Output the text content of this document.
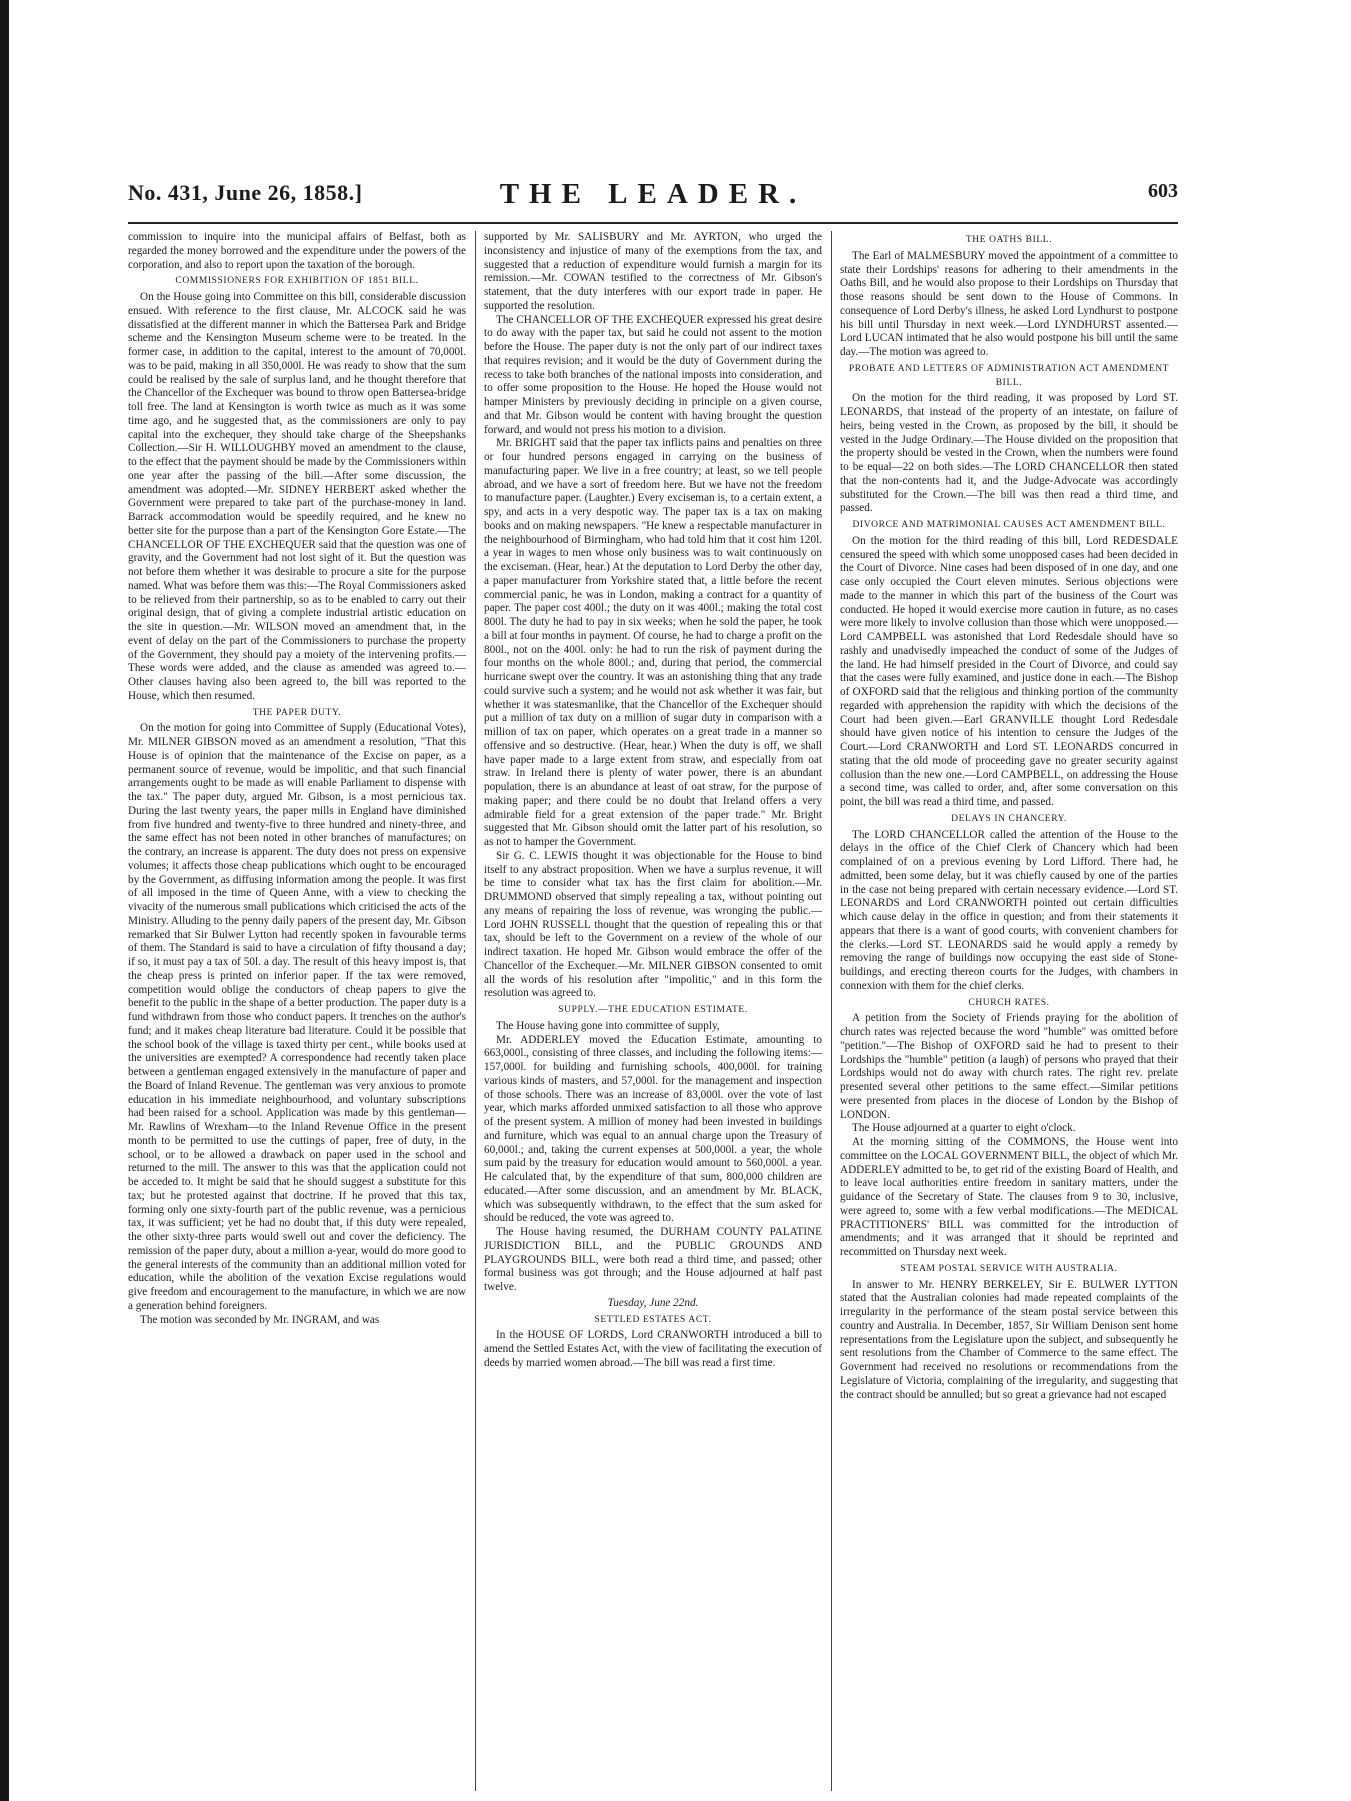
No. 431, June 26, 1858.]	THE LEADER.	603

commission to inquire into the municipal affairs of Belfast, both as regarded the money borrowed and the expenditure under the powers of the corporation, and also to report upon the taxation of the borough.

COMMISSIONERS FOR EXHIBITION OF 1851 BILL.

On the House going into Committee on this bill, considerable discussion ensued. With reference to the first clause, Mr. ALCOCK said he was dissatisfied at the different manner in which the Battersea Park and Bridge scheme and the Kensington Museum scheme were to be treated. In the former case, in addition to the capital, interest to the amount of 70,000l. was to be paid, making in all 350,000l. He was ready to show that the sum could be realised by the sale of surplus land, and he thought therefore that the Chancellor of the Exchequer was bound to throw open Battersea-bridge toll free. The land at Kensington is worth twice as much as it was some time ago, and he suggested that, as the commissioners are only to pay capital into the exchequer, they should take charge of the Sheepshanks Collection.—Sir H. WILLOUGHBY moved an amendment to the clause, to the effect that the payment should be made by the Commissioners within one year after the passing of the bill.—After some discussion, the amendment was adopted.—Mr. SIDNEY HERBERT asked whether the Government were prepared to take part of the purchase-money in land. Barrack accommodation would be speedily required, and he knew no better site for the purpose than a part of the Kensington Gore Estate.—The CHANCELLOR OF THE EXCHEQUER said that the question was one of gravity, and the Government had not lost sight of it. But the question was not before them whether it was desirable to procure a site for the purpose named. What was before them was this:—The Royal Commissioners asked to be relieved from their partnership, so as to be enabled to carry out their original design, that of giving a complete industrial artistic education on the site in question.—Mr. WILSON moved an amendment that, in the event of delay on the part of the Commissioners to purchase the property of the Government, they should pay a moiety of the intervening profits.—These words were added, and the clause as amended was agreed to.—Other clauses having also been agreed to, the bill was reported to the House, which then resumed.

THE PAPER DUTY.

On the motion for going into Committee of Supply (Educational Votes), Mr. MILNER GIBSON moved as an amendment a resolution, "That this House is of opinion that the maintenance of the Excise on paper, as a permanent source of revenue, would be impolitic, and that such financial arrangements ought to be made as will enable Parliament to dispense with the tax." The paper duty, argued Mr. Gibson, is a most pernicious tax. During the last twenty years, the paper mills in England have diminished from five hundred and twenty-five to three hundred and ninety-three, and the same effect has not been noted in other branches of manufactures; on the contrary, an increase is apparent. The duty does not press on expensive volumes; it affects those cheap publications which ought to be encouraged by the Government, as diffusing information among the people. It was first of all imposed in the time of Queen Anne, with a view to checking the vivacity of the numerous small publications which criticised the acts of the Ministry. Alluding to the penny daily papers of the present day, Mr. Gibson remarked that Sir Bulwer Lytton had recently spoken in favourable terms of them. The Standard is said to have a circulation of fifty thousand a day; if so, it must pay a tax of 50l. a day. The result of this heavy impost is, that the cheap press is printed on inferior paper. If the tax were removed, competition would oblige the conductors of cheap papers to give the benefit to the public in the shape of a better production. The paper duty is a fund withdrawn from those who conduct papers. It trenches on the author's fund; and it makes cheap literature bad literature. Could it be possible that the school book of the village is taxed thirty per cent., while books used at the universities are exempted? A correspondence had recently taken place between a gentleman engaged extensively in the manufacture of paper and the Board of Inland Revenue. The gentleman was very anxious to promote education in his immediate neighbourhood, and voluntary subscriptions had been raised for a school. Application was made by this gentleman—Mr. Rawlins of Wrexham—to the Inland Revenue Office in the present month to be permitted to use the cuttings of paper, free of duty, in the school, or to be allowed a drawback on paper used in the school and returned to the mill. The answer to this was that the application could not be acceded to. It might be said that he should suggest a substitute for this tax; but he protested against that doctrine. If he proved that this tax, forming only one sixty-fourth part of the public revenue, was a pernicious tax, it was sufficient; yet he had no doubt that, if this duty were repealed, the other sixty-three parts would swell out and cover the deficiency. The remission of the paper duty, about a million a-year, would do more good to the general interests of the community than an additional million voted for education, while the abolition of the vexation Excise regulations would give freedom and encouragement to the manufacture, in which we are now a generation behind foreigners.

The motion was seconded by Mr. INGRAM, and was

supported by Mr. SALISBURY and Mr. AYRTON, who urged the inconsistency and injustice of many of the exemptions from the tax, and suggested that a reduction of expenditure would furnish a margin for its remission.—Mr. COWAN testified to the correctness of Mr. Gibson's statement, that the duty interferes with our export trade in paper. He supported the resolution.

The CHANCELLOR OF THE EXCHEQUER expressed his great desire to do away with the paper tax, but said he could not assent to the motion before the House. The paper duty is not the only part of our indirect taxes that requires revision; and it would be the duty of Government during the recess to take both branches of the national imposts into consideration, and to offer some proposition to the House. He hoped the House would not hamper Ministers by previously deciding in principle on a given course, and that Mr. Gibson would be content with having brought the question forward, and would not press his motion to a division.

Mr. BRIGHT said that the paper tax inflicts pains and penalties on three or four hundred persons engaged in carrying on the business of manufacturing paper. We live in a free country; at least, so we tell people abroad, and we have a sort of freedom here. But we have not the freedom to manufacture paper. (Laughter.) Every exciseman is, to a certain extent, a spy, and acts in a very despotic way. The paper tax is a tax on making books and on making newspapers. "He knew a respectable manufacturer in the neighbourhood of Birmingham, who had told him that it cost him 120l. a year in wages to men whose only business was to wait continuously on the exciseman. (Hear, hear.) At the deputation to Lord Derby the other day, a paper manufacturer from Yorkshire stated that, a little before the recent commercial panic, he was in London, making a contract for a quantity of paper. The paper cost 400l.; the duty on it was 400l.; making the total cost 800l. The duty he had to pay in six weeks; when he sold the paper, he took a bill at four months in payment. Of course, he had to charge a profit on the 800l., not on the 400l. only: he had to run the risk of payment during the four months on the whole 800l.; and, during that period, the commercial hurricane swept over the country. It was an astonishing thing that any trade could survive such a system; and he would not ask whether it was fair, but whether it was statesmanlike, that the Chancellor of the Exchequer should put a million of tax duty on a million of sugar duty in comparison with a million of tax on paper, which operates on a great trade in a manner so offensive and so destructive. (Hear, hear.) When the duty is off, we shall have paper made to a large extent from straw, and especially from oat straw. In Ireland there is plenty of water power, there is an abundant population, there is an abundance at least of oat straw, for the purpose of making paper; and there could be no doubt that Ireland offers a very admirable field for a great extension of the paper trade." Mr. Bright suggested that Mr. Gibson should omit the latter part of his resolution, so as not to hamper the Government.

Sir G. C. LEWIS thought it was objectionable for the House to bind itself to any abstract proposition. When we have a surplus revenue, it will be time to consider what tax has the first claim for abolition.—Mr. DRUMMOND observed that simply repealing a tax, without pointing out any means of repairing the loss of revenue, was wronging the public.—Lord JOHN RUSSELL thought that the question of repealing this or that tax, should be left to the Government on a review of the whole of our indirect taxation. He hoped Mr. Gibson would embrace the offer of the Chancellor of the Exchequer.—Mr. MILNER GIBSON consented to omit all the words of his resolution after "impolitic," and in this form the resolution was agreed to.

SUPPLY.—THE EDUCATION ESTIMATE.

The House having gone into committee of supply,

Mr. ADDERLEY moved the Education Estimate, amounting to 663,000l., consisting of three classes, and including the following items:—157,000l. for building and furnishing schools, 400,000l. for training various kinds of masters, and 57,000l. for the management and inspection of those schools. There was an increase of 83,000l. over the vote of last year, which marks afforded unmixed satisfaction to all those who approve of the present system. A million of money had been invested in buildings and furniture, which was equal to an annual charge upon the Treasury of 60,000l.; and, taking the current expenses at 500,000l. a year, the whole sum paid by the treasury for education would amount to 560,000l. a year. He calculated that, by the expenditure of that sum, 800,000 children are educated.—After some discussion, and an amendment by Mr. BLACK, which was subsequently withdrawn, to the effect that the sum asked for should be reduced, the vote was agreed to.

The House having resumed, the DURHAM COUNTY PALATINE JURISDICTION BILL, and the PUBLIC GROUNDS AND PLAYGROUNDS BILL, were both read a third time, and passed; other formal business was got through; and the House adjourned at half past twelve.

Tuesday, June 22nd.

SETTLED ESTATES ACT.

In the HOUSE OF LORDS, Lord CRANWORTH introduced a bill to amend the Settled Estates Act, with the view of facilitating the execution of deeds by married women abroad.—The bill was read a first time.

THE OATHS BILL.

The Earl of MALMESBURY moved the appointment of a committee to state their Lordships' reasons for adhering to their amendments in the Oaths Bill, and he would also propose to their Lordships on Thursday that those reasons should be sent down to the House of Commons. In consequence of Lord Derby's illness, he asked Lord Lyndhurst to postpone his bill until Thursday in next week.—Lord LYNDHURST assented.—Lord LUCAN intimated that he also would postpone his bill until the same day.—The motion was agreed to.

PROBATE AND LETTERS OF ADMINISTRATION ACT AMENDMENT BILL.

On the motion for the third reading, it was proposed by Lord ST. LEONARDS, that instead of the property of an intestate, on failure of heirs, being vested in the Crown, as proposed by the bill, it should be vested in the Judge Ordinary.—The House divided on the proposition that the property should be vested in the Crown, when the numbers were found to be equal—22 on both sides.—The LORD CHANCELLOR then stated that the non-contents had it, and the Judge-Advocate was accordingly substituted for the Crown.—The bill was then read a third time, and passed.

DIVORCE AND MATRIMONIAL CAUSES ACT AMENDMENT BILL.

On the motion for the third reading of this bill, Lord REDESDALE censured the speed with which some unopposed cases had been decided in the Court of Divorce. Nine cases had been disposed of in one day, and one case only occupied the Court eleven minutes. Serious objections were made to the manner in which this part of the business of the Court was conducted. He hoped it would exercise more caution in future, as no cases were more likely to involve collusion than those which were unopposed.—Lord CAMPBELL was astonished that Lord Redesdale should have so rashly and unadvisedly impeached the conduct of some of the Judges of the land. He had himself presided in the Court of Divorce, and could say that the cases were fully examined, and justice done in each.—The Bishop of OXFORD said that the religious and thinking portion of the community regarded with apprehension the rapidity with which the decisions of the Court had been given.—Earl GRANVILLE thought Lord Redesdale should have given notice of his intention to censure the Judges of the Court.—Lord CRANWORTH and Lord ST. LEONARDS concurred in stating that the old mode of proceeding gave no greater security against collusion than the new one.—Lord CAMPBELL, on addressing the House a second time, was called to order, and, after some conversation on this point, the bill was read a third time, and passed.

DELAYS IN CHANCERY.

The LORD CHANCELLOR called the attention of the House to the delays in the office of the Chief Clerk of Chancery which had been complained of on a previous evening by Lord Lifford. There had, he admitted, been some delay, but it was chiefly caused by one of the parties in the case not being prepared with certain necessary evidence.—Lord ST. LEONARDS and Lord CRANWORTH pointed out certain difficulties which cause delay in the office in question; and from their statements it appears that there is a want of good courts, with convenient chambers for the clerks.—Lord ST. LEONARDS said he would apply a remedy by removing the range of buildings now occupying the east side of Stone-buildings, and erecting thereon courts for the Judges, with chambers in connexion with them for the chief clerks.

CHURCH RATES.

A petition from the Society of Friends praying for the abolition of church rates was rejected because the word "humble" was omitted before "petition."—The Bishop of OXFORD said he had to present to their Lordships the "humble" petition (a laugh) of persons who prayed that their Lordships would not do away with church rates. The right rev. prelate presented several other petitions to the same effect.—Similar petitions were presented from places in the diocese of London by the Bishop of LONDON.

The House adjourned at a quarter to eight o'clock.

At the morning sitting of the COMMONS, the House went into committee on the LOCAL GOVERNMENT BILL, the object of which Mr. ADDERLEY admitted to be, to get rid of the existing Board of Health, and to leave local authorities entire freedom in sanitary matters, under the guidance of the Secretary of State. The clauses from 9 to 30, inclusive, were agreed to, some with a few verbal modifications.—The MEDICAL PRACTITIONERS' BILL was committed for the introduction of amendments; and it was arranged that it should be reprinted and recommitted on Thursday next week.

STEAM POSTAL SERVICE WITH AUSTRALIA.

In answer to Mr. HENRY BERKELEY, Sir E. BULWER LYTTON stated that the Australian colonies had made repeated complaints of the irregularity in the performance of the steam postal service between this country and Australia. In December, 1857, Sir William Denison sent home representations from the Legislature upon the subject, and subsequently he sent resolutions from the Chamber of Commerce to the same effect. The Government had received no resolutions or recommendations from the Legislature of Victoria, complaining of the irregularity, and suggesting that the contract should be annulled; but so great a grievance had not escaped
